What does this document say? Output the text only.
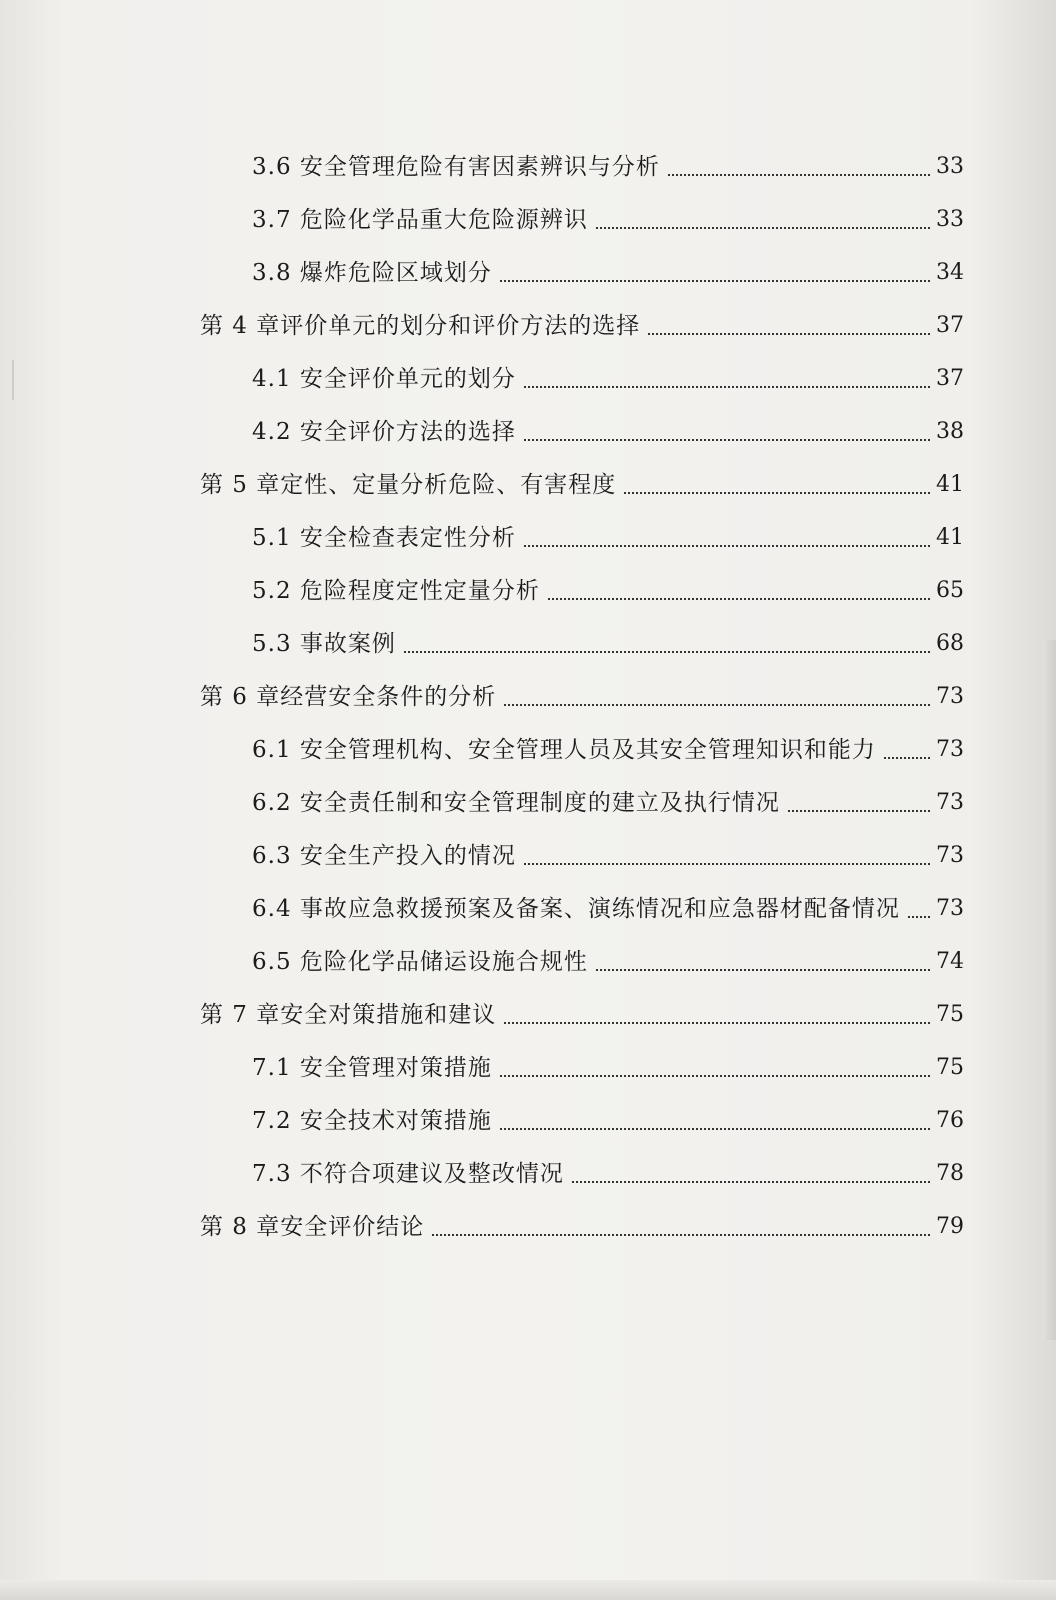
3.6 安全管理危险有害因素辨识与分析	33
3.7 危险化学品重大危险源辨识	33
3.8 爆炸危险区域划分	34
第 4 章评价单元的划分和评价方法的选择	37
4.1 安全评价单元的划分	37
4.2 安全评价方法的选择	38
第 5 章定性、定量分析危险、有害程度	41
5.1 安全检查表定性分析	41
5.2 危险程度定性定量分析	65
5.3 事故案例	68
第 6 章经营安全条件的分析	73
6.1 安全管理机构、安全管理人员及其安全管理知识和能力	73
6.2 安全责任制和安全管理制度的建立及执行情况	73
6.3 安全生产投入的情况	73
6.4 事故应急救援预案及备案、演练情况和应急器材配备情况 73
6.5 危险化学品储运设施合规性	74
第 7 章安全对策措施和建议	75
7.1 安全管理对策措施	75
7.2 安全技术对策措施	76
7.3 不符合项建议及整改情况	78
第 8 章安全评价结论	79
